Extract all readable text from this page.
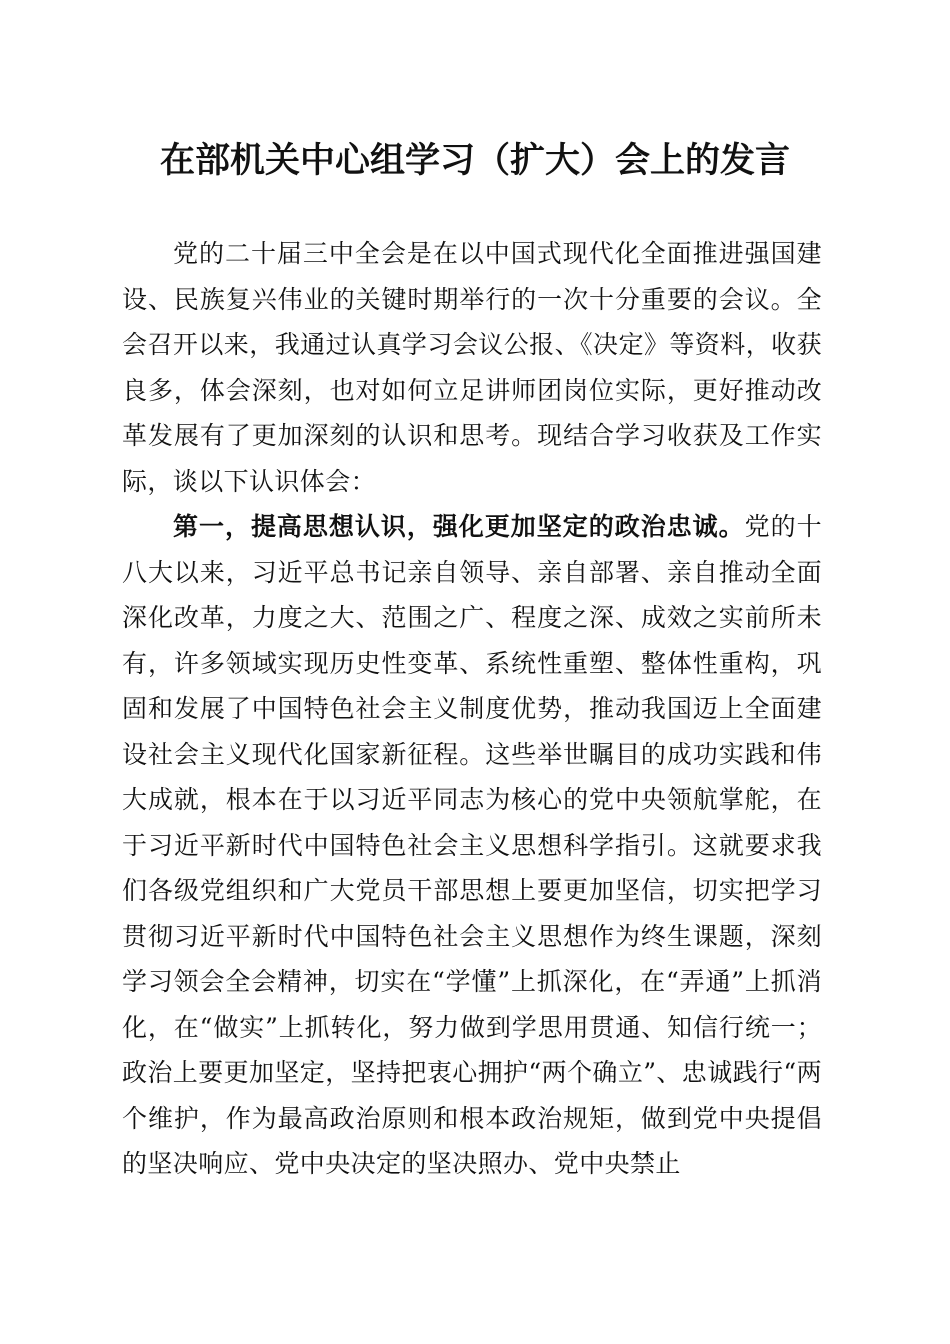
在部机关中心组学习（扩大）会上的发言

党的二十届三中全会是在以中国式现代化全面推进强国建设、民族复兴伟业的关键时期举行的一次十分重要的会议。全会召开以来，我通过认真学习会议公报、《决定》等资料，收获良多，体会深刻，也对如何立足讲师团岗位实际，更好推动改革发展有了更加深刻的认识和思考。现结合学习收获及工作实际，谈以下认识体会：

第一，提高思想认识，强化更加坚定的政治忠诚。党的十八大以来，习近平总书记亲自领导、亲自部署、亲自推动全面深化改革，力度之大、范围之广、程度之深、成效之实前所未有，许多领域实现历史性变革、系统性重塑、整体性重构，巩固和发展了中国特色社会主义制度优势，推动我国迈上全面建设社会主义现代化国家新征程。这些举世瞩目的成功实践和伟大成就，根本在于以习近平同志为核心的党中央领航掌舵，在于习近平新时代中国特色社会主义思想科学指引。这就要求我们各级党组织和广大党员干部思想上要更加坚信，切实把学习贯彻习近平新时代中国特色社会主义思想作为终生课题，深刻学习领会全会精神，切实在“学懂”上抓深化，在“弄通”上抓消化，在“做实”上抓转化，努力做到学思用贯通、知信行统一；政治上要更加坚定，坚持把衷心拥护“两个确立”、忠诚践行“两个维护，作为最高政治原则和根本政治规矩，做到党中央提倡的坚决响应、党中央决定的坚决照办、党中央禁止
